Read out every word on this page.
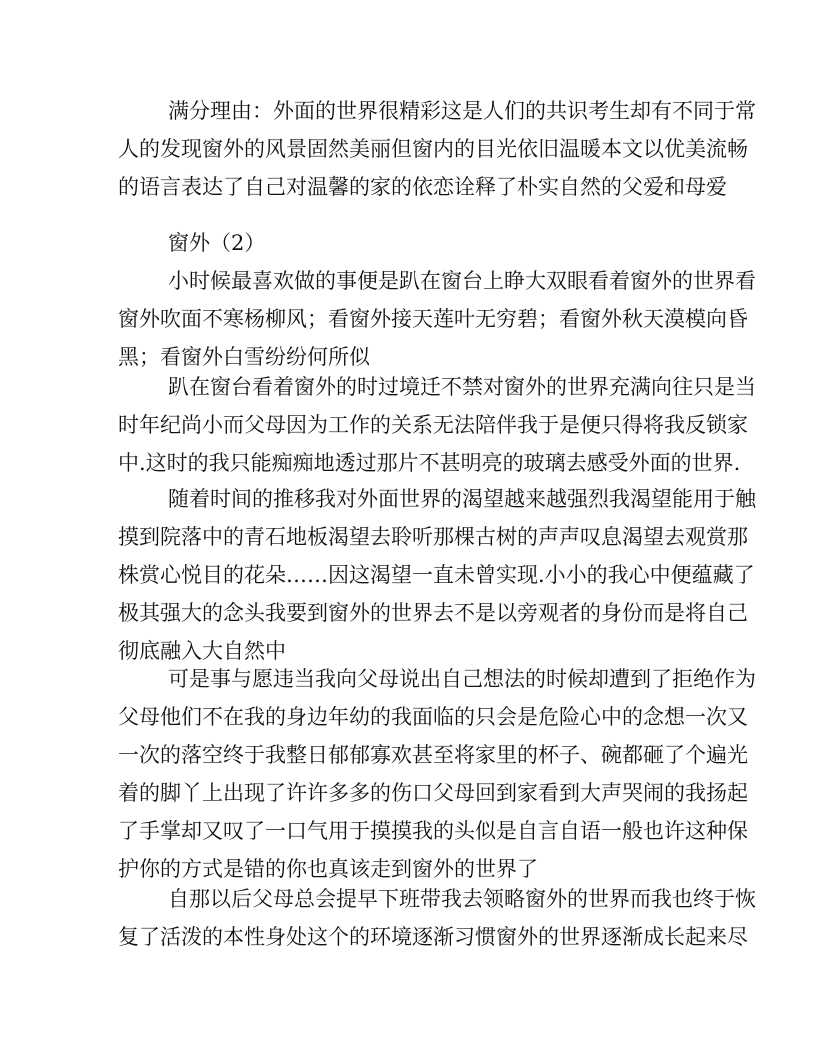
满分理由：外面的世界很精彩这是人们的共识考生却有不同于常
人的发现窗外的风景固然美丽但窗内的目光依旧温暖本文以优美流畅
的语言表达了自己对温馨的家的依恋诠释了朴实自然的父爱和母爱
窗外（2）
小时候最喜欢做的事便是趴在窗台上睁大双眼看着窗外的世界看
窗外吹面不寒杨柳风；看窗外接天莲叶无穷碧；看窗外秋天漠模向昏
黑；看窗外白雪纷纷何所似
趴在窗台看着窗外的时过境迁不禁对窗外的世界充满向往只是当
时年纪尚小而父母因为工作的关系无法陪伴我于是便只得将我反锁家
中.这时的我只能痴痴地透过那片不甚明亮的玻璃去感受外面的世界.
随着时间的推移我对外面世界的渴望越来越强烈我渴望能用于触
摸到院落中的青石地板渴望去聆听那棵古树的声声叹息渴望去观赏那
株赏心悦目的花朵……因这渴望一直未曾实现.小小的我心中便蕴藏了
极其强大的念头我要到窗外的世界去不是以旁观者的身份而是将自己
彻底融入大自然中
可是事与愿违当我向父母说出自己想法的时候却遭到了拒绝作为
父母他们不在我的身边年幼的我面临的只会是危险心中的念想一次又
一次的落空终于我整日郁郁寡欢甚至将家里的杯子、碗都砸了个遍光
着的脚丫上出现了许许多多的伤口父母回到家看到大声哭闹的我扬起
了手掌却又叹了一口气用于摸摸我的头似是自言自语一般也许这种保
护你的方式是错的你也真该走到窗外的世界了
自那以后父母总会提早下班带我去领略窗外的世界而我也终于恢
复了活泼的本性身处这个的环境逐渐习惯窗外的世界逐渐成长起来尽
